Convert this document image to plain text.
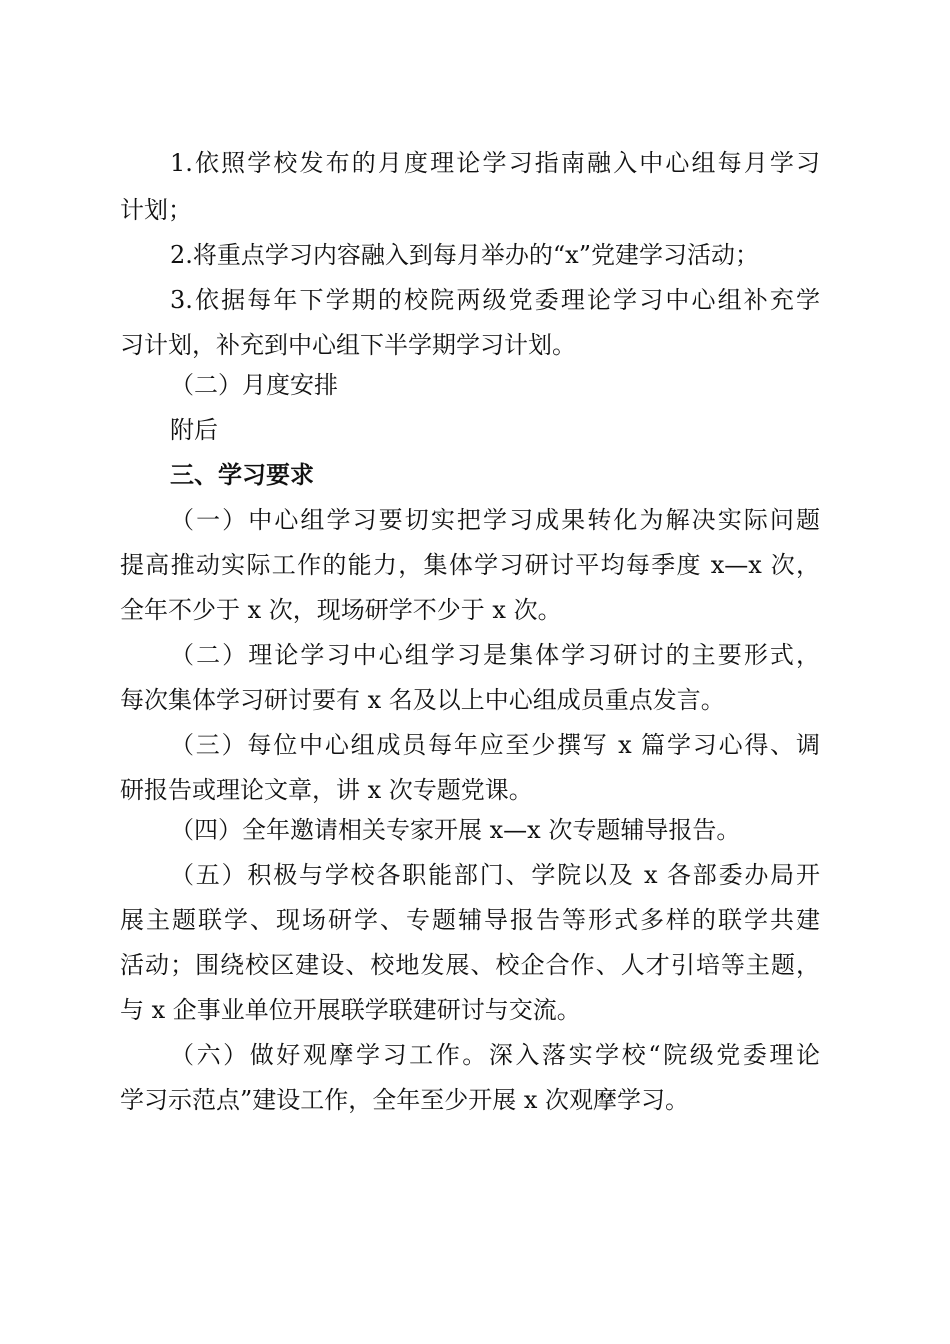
1.依照学校发布的月度理论学习指南融入中心组每月学习
计划；
2.将重点学习内容融入到每月举办的“x”党建学习活动；
3.依据每年下学期的校院两级党委理论学习中心组补充学
习计划，补充到中心组下半学期学习计划。
（二）月度安排
附后
三、学习要求
（一）中心组学习要切实把学习成果转化为解决实际问题
提高推动实际工作的能力，集体学习研讨平均每季度 x—x 次，
全年不少于 x 次，现场研学不少于 x 次。
（二）理论学习中心组学习是集体学习研讨的主要形式，
每次集体学习研讨要有 x 名及以上中心组成员重点发言。
（三）每位中心组成员每年应至少撰写 x 篇学习心得、调
研报告或理论文章，讲 x 次专题党课。
（四）全年邀请相关专家开展 x—x 次专题辅导报告。
（五）积极与学校各职能部门、学院以及 x 各部委办局开
展主题联学、现场研学、专题辅导报告等形式多样的联学共建
活动；围绕校区建设、校地发展、校企合作、人才引培等主题，
与 x 企事业单位开展联学联建研讨与交流。
（六）做好观摩学习工作。深入落实学校“院级党委理论
学习示范点”建设工作，全年至少开展 x 次观摩学习。
